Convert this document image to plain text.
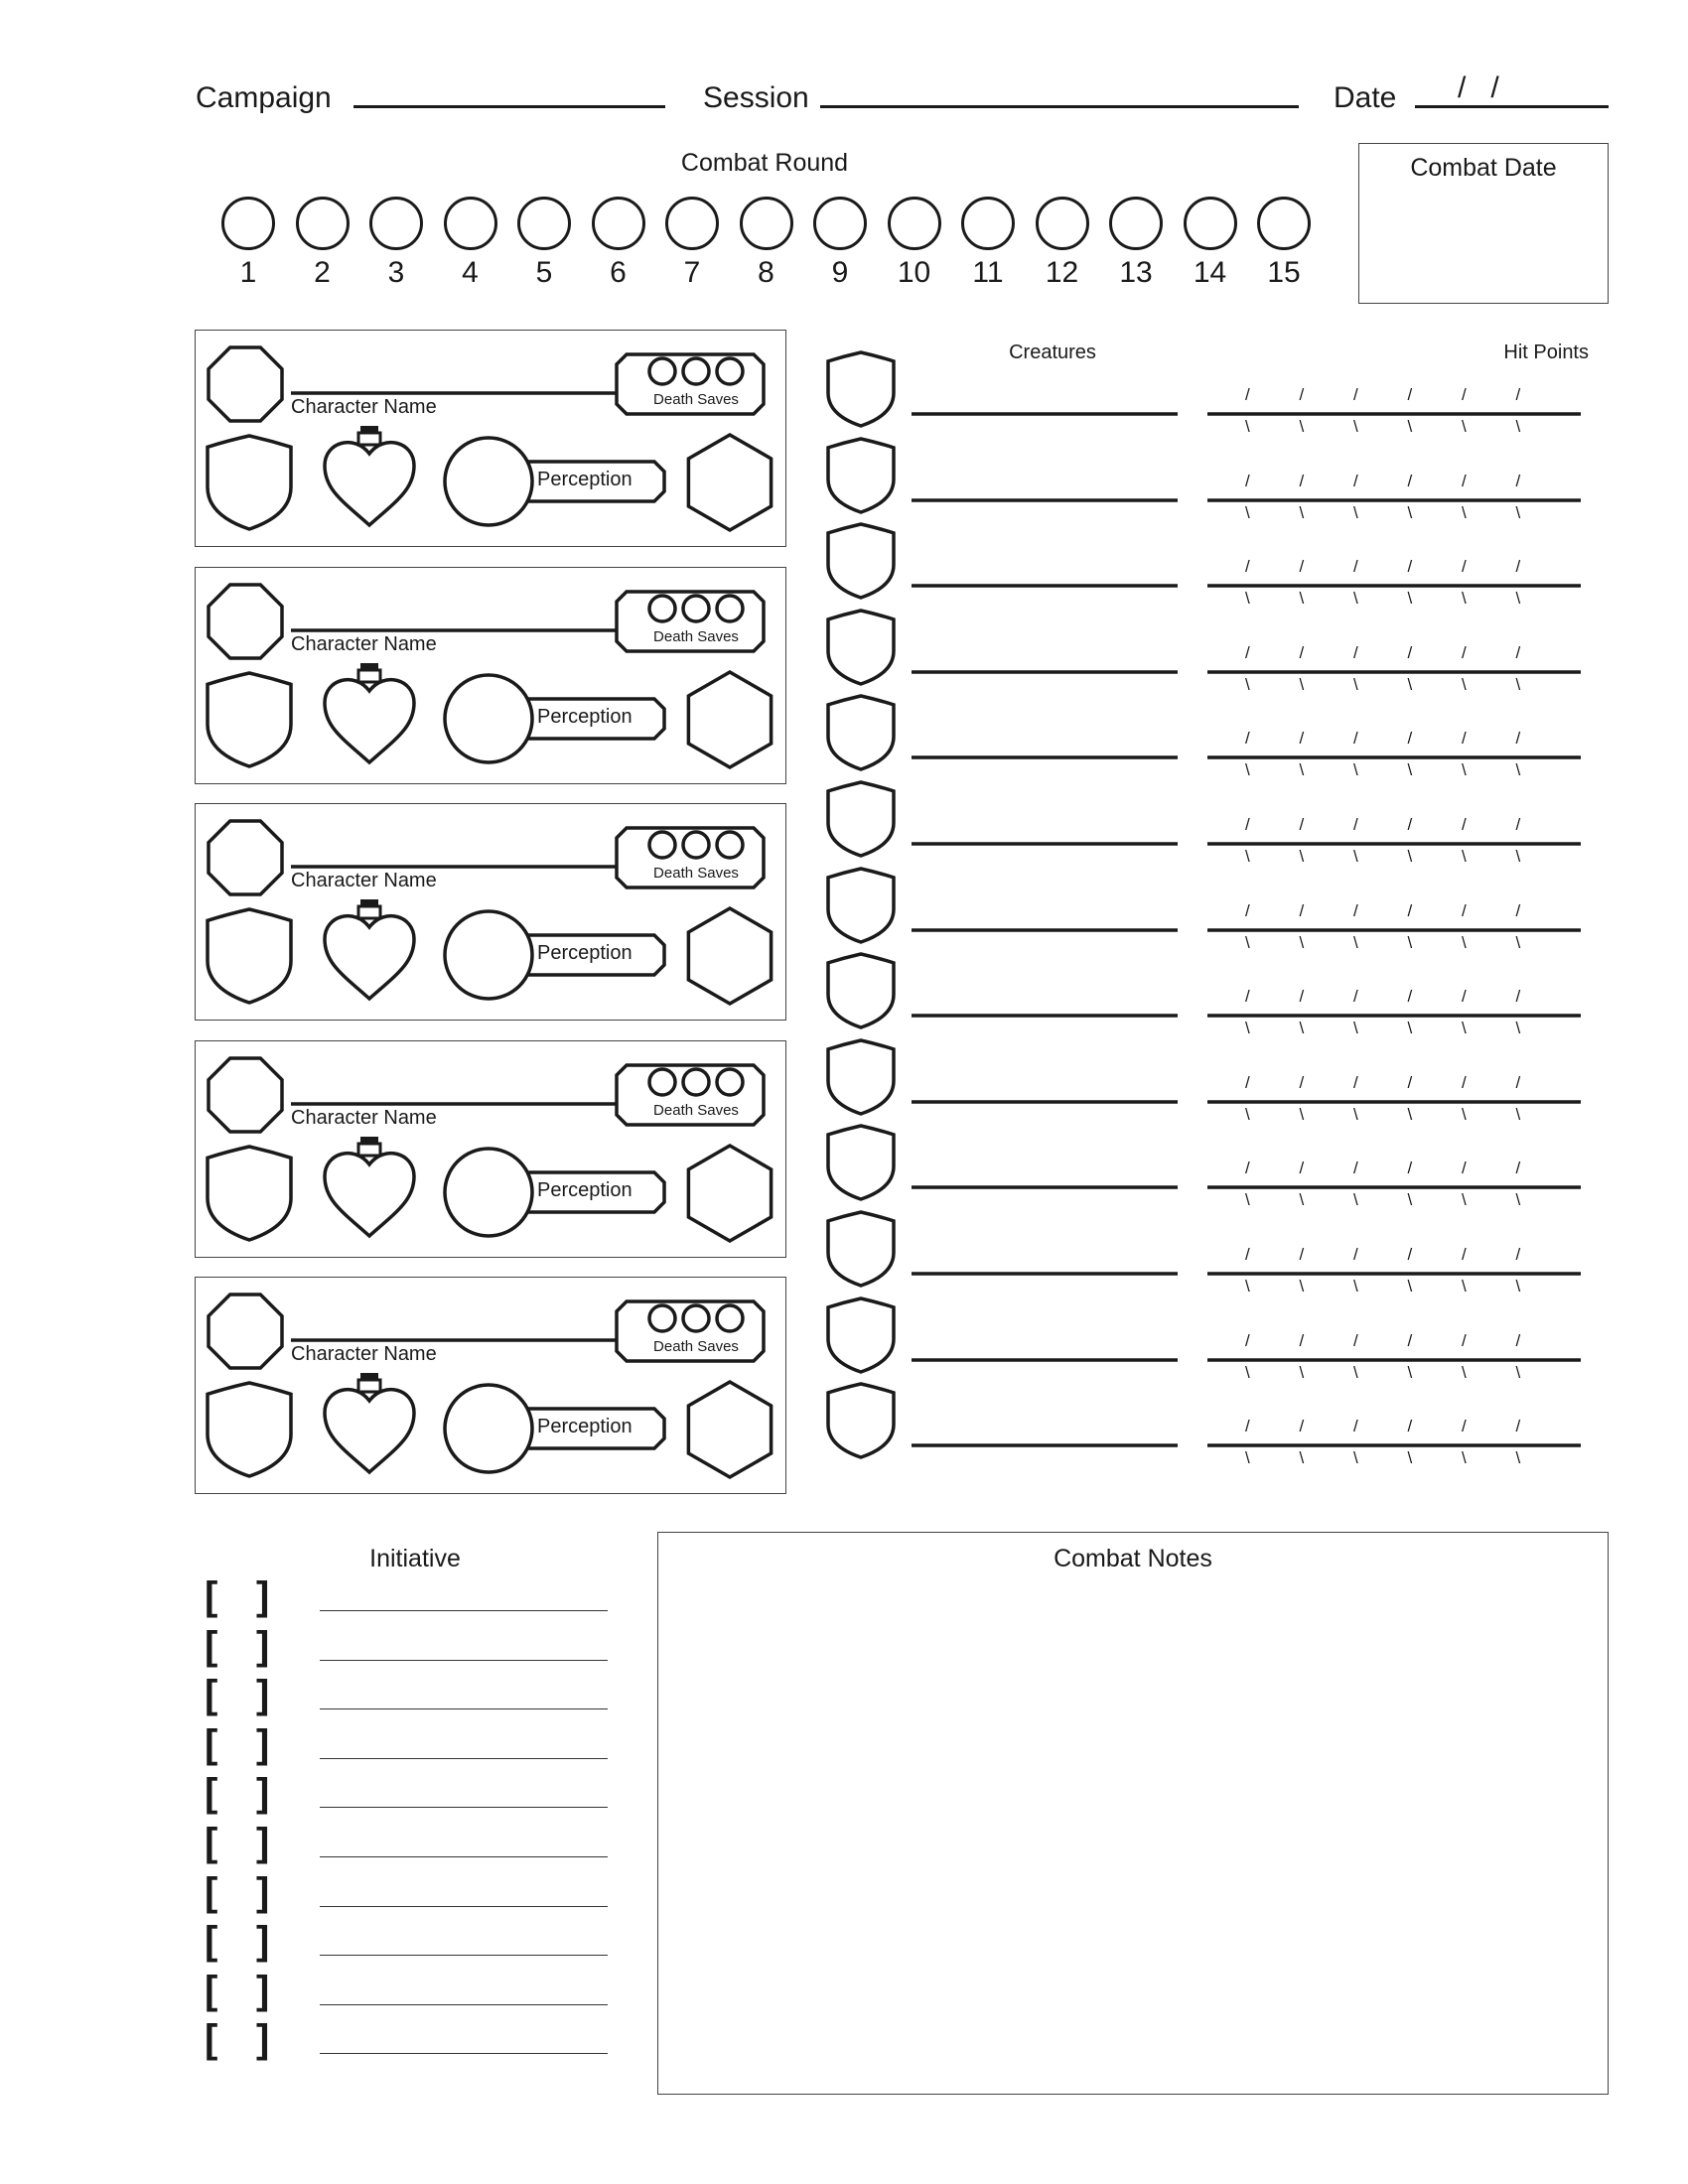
Campaign	Session	Date /   /
Combat Round
1	2	3	4	5	6	7	8	9	10	11	12	13	14	15
Combat Date
Character Name	Death Saves
Perception
Character Name	Death Saves
Perception
Character Name	Death Saves
Perception
Character Name	Death Saves
Perception
Character Name	Death Saves
Perception
Creatures	Hit Points
/
\
/
\
/
\
/
\
/
\
/
\
/
\
/
\
/
\
/
\
/
\
/
\
/
\
/
\
/
\
/
\
/
\
/
\
/
\
/
\
/
\
/
\
/
\
/
\
/
\
/
\
/
\
/
\
/
\
/
\
/
\
/
\
/
\
/
\
/
\
/
\
/
\
/
\
/
\
/
\
/
\
/
\
/
\
/
\
/
\
/
\
/
\
/
\
/
\
/
\
/
\
/
\
/
\
/
\
/
\
/
\
/
\
/
\
/
\
/
\
/
\
/
\
/
\
/
\
/
\
/
\
/
\
/
\
/
\
/
\
/
\
/
\
/
\
/
\
/
\
/
\
/
\
/
\
Initiative
[ ]
[ ]
[ ]
[ ]
[ ]
[ ]
[ ]
[ ]
[ ]
[ ]
Combat Notes
